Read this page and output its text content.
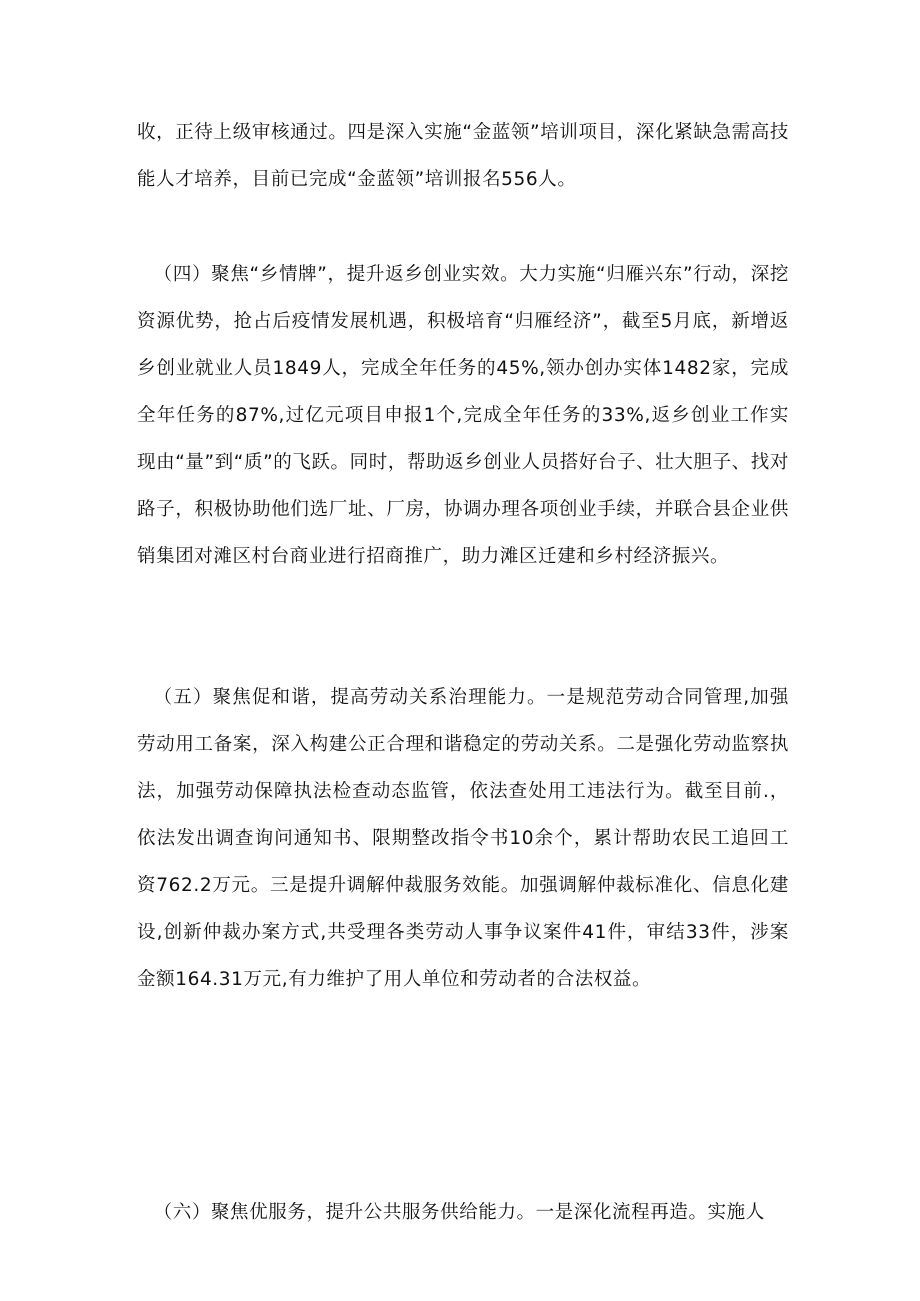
收，正待上级审核通过。四是深入实施“金蓝领”培训项目，深化紧缺急需高技能人才培养，目前已完成“金蓝领”培训报名556人。

（四）聚焦“乡情牌”，提升返乡创业实效。大力实施“归雁兴东”行动，深挖资源优势，抢占后疫情发展机遇，积极培育“归雁经济”，截至5月底，新增返乡创业就业人员1849人，完成全年任务的45%,领办创办实体1482家，完成全年任务的87%,过亿元项目申报1个,完成全年任务的33%,返乡创业工作实现由“量”到“质”的飞跃。同时，帮助返乡创业人员搭好台子、壮大胆子、找对路子，积极协助他们选厂址、厂房，协调办理各项创业手续，并联合县企业供销集团对滩区村台商业进行招商推广，助力滩区迁建和乡村经济振兴。

（五）聚焦促和谐，提高劳动关系治理能力。一是规范劳动合同管理,加强劳动用工备案，深入构建公正合理和谐稳定的劳动关系。二是强化劳动监察执法，加强劳动保障执法检查动态监管，依法查处用工违法行为。截至目前.，依法发出调查询问通知书、限期整改指令书10余个，累计帮助农民工追回工资762.2万元。三是提升调解仲裁服务效能。加强调解仲裁标准化、信息化建设,创新仲裁办案方式,共受理各类劳动人事争议案件41件，审结33件，涉案金额164.31万元,有力维护了用人单位和劳动者的合法权益。

（六）聚焦优服务，提升公共服务供给能力。一是深化流程再造。实施人
